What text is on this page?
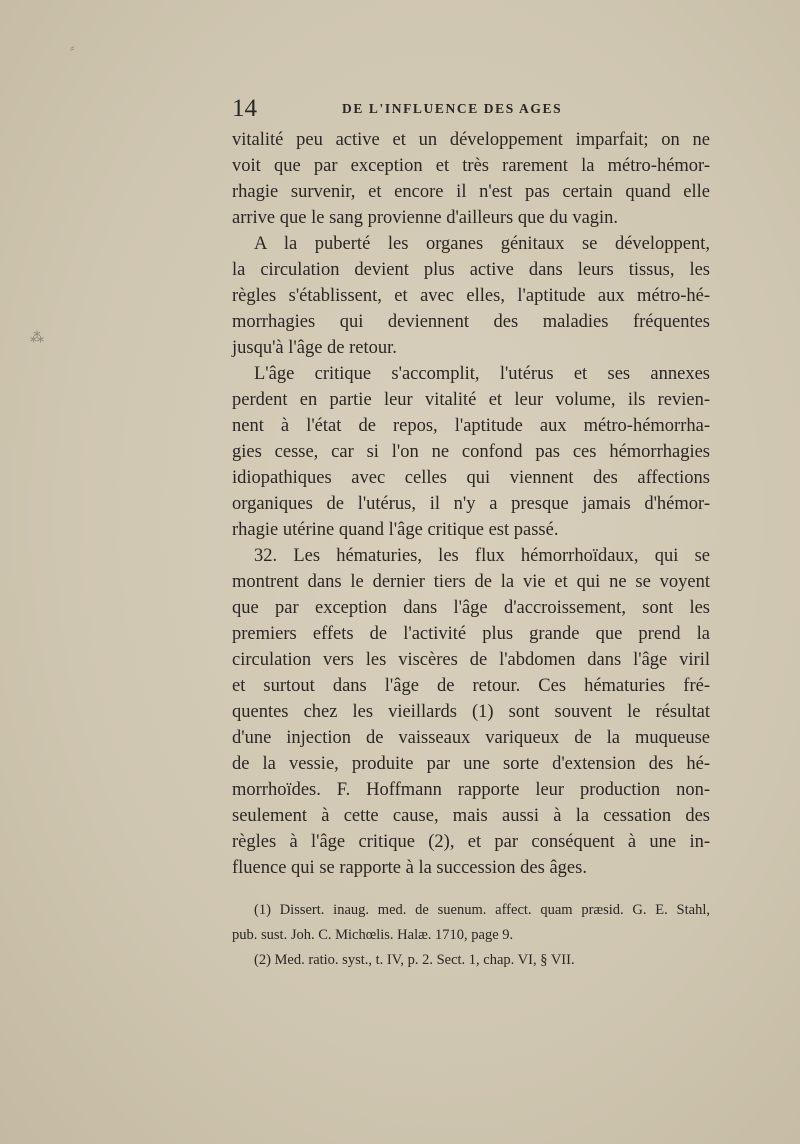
⸗
⁂
14	DE L'INFLUENCE DES AGES
vitalité peu active et un développement imparfait; on ne
voit que par exception et très rarement la métro-hémor-
rhagie survenir, et encore il n'est pas certain quand elle
arrive que le sang provienne d'ailleurs que du vagin.
A la puberté les organes génitaux se développent,
la circulation devient plus active dans leurs tissus, les
règles s'établissent, et avec elles, l'aptitude aux métro-hé-
morrhagies qui deviennent des maladies fréquentes
jusqu'à l'âge de retour.
L'âge critique s'accomplit, l'utérus et ses annexes
perdent en partie leur vitalité et leur volume, ils revien-
nent à l'état de repos, l'aptitude aux métro-hémorrha-
gies cesse, car si l'on ne confond pas ces hémorrhagies
idiopathiques avec celles qui viennent des affections
organiques de l'utérus, il n'y a presque jamais d'hémor-
rhagie utérine quand l'âge critique est passé.
32. Les hématuries, les flux hémorrhoïdaux, qui se
montrent dans le dernier tiers de la vie et qui ne se voyent
que par exception dans l'âge d'accroissement, sont les
premiers effets de l'activité plus grande que prend la
circulation vers les viscères de l'abdomen dans l'âge viril
et surtout dans l'âge de retour. Ces hématuries fré-
quentes chez les vieillards (1) sont souvent le résultat
d'une injection de vaisseaux variqueux de la muqueuse
de la vessie, produite par une sorte d'extension des hé-
morrhoïdes. F. Hoffmann rapporte leur production non-
seulement à cette cause, mais aussi à la cessation des
règles à l'âge critique (2), et par conséquent à une in-
fluence qui se rapporte à la succession des âges.
(1) Dissert. inaug. med. de suenum. affect. quam præsid. G. E. Stahl,
pub. sust. Joh. C. Michœlis. Halæ. 1710, page 9.
(2) Med. ratio. syst., t. IV, p. 2. Sect. 1, chap. VI, § VII.
